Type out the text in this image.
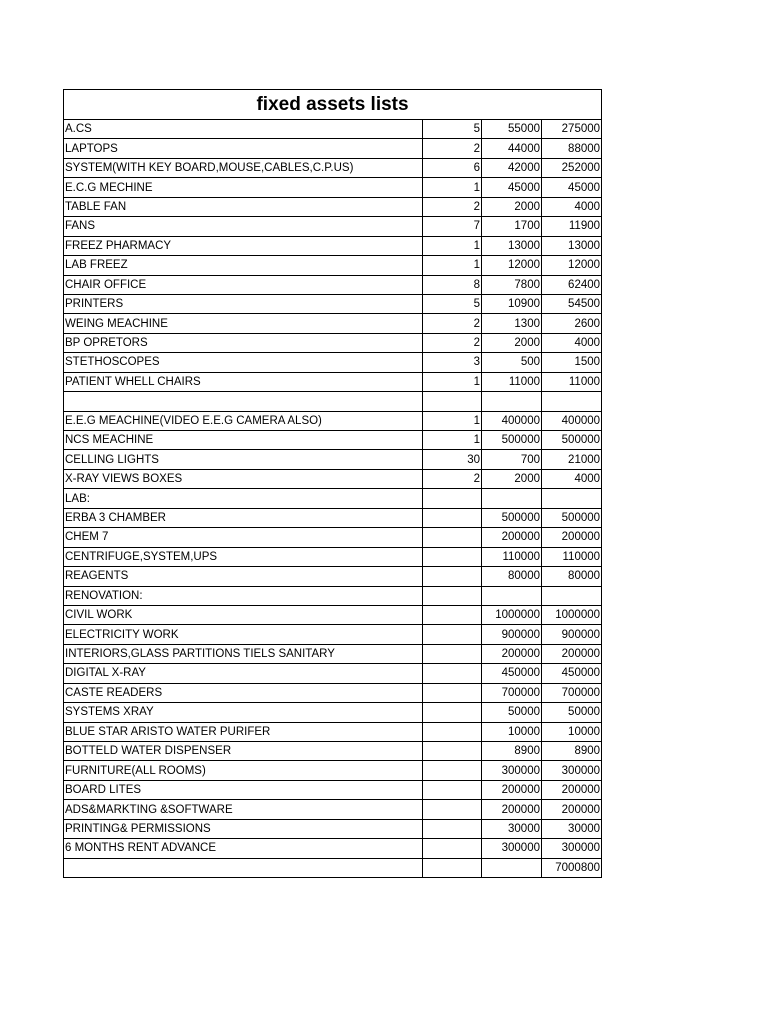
fixed assets lists			
A.CS	5	55000	275000
LAPTOPS	2	44000	88000
SYSTEM(WITH KEY BOARD,MOUSE,CABLES,C.P.US)	6	42000	252000
E.C.G MECHINE	1	45000	45000
TABLE FAN	2	2000	4000
FANS	7	1700	11900
FREEZ PHARMACY	1	13000	13000
LAB FREEZ	1	12000	12000
CHAIR OFFICE	8	7800	62400
PRINTERS	5	10900	54500
WEING MEACHINE	2	1300	2600
BP OPRETORS	2	2000	4000
STETHOSCOPES	3	500	1500
PATIENT WHELL CHAIRS	1	11000	11000

E.E.G MEACHINE(VIDEO E.E.G CAMERA ALSO)	1	400000	400000
NCS MEACHINE	1	500000	500000
CELLING LIGHTS	30	700	21000
X-RAY VIEWS BOXES	2	2000	4000
LAB:			
ERBA 3 CHAMBER		500000	500000
CHEM 7		200000	200000
CENTRIFUGE,SYSTEM,UPS		110000	110000
REAGENTS		80000	80000
RENOVATION:			
CIVIL WORK		1000000	1000000
ELECTRICITY WORK		900000	900000
INTERIORS,GLASS PARTITIONS TIELS SANITARY		200000	200000
DIGITAL X-RAY		450000	450000
CASTE READERS		700000	700000
SYSTEMS XRAY		50000	50000
BLUE STAR ARISTO WATER PURIFER		10000	10000
BOTTELD WATER DISPENSER		8900	8900
FURNITURE(ALL ROOMS)		300000	300000
BOARD LITES		200000	200000
ADS&MARKTING &SOFTWARE		200000	200000
PRINTING& PERMISSIONS		30000	30000
6 MONTHS RENT ADVANCE		300000	300000
			7000800
